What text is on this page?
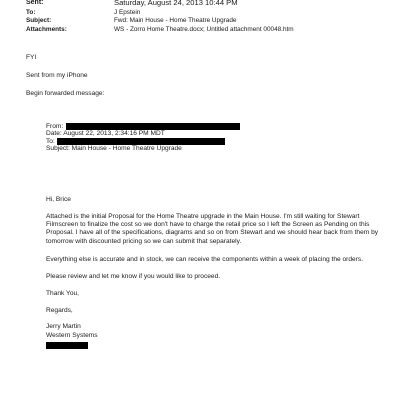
Sent:	Saturday, August 24, 2013 10:44 PM
To:	J Epstein
Subject:	Fwd: Main House - Home Theatre Upgrade
Attachments:	WS - Zorro Home Theatre.docx; Untitled attachment 00048.htm
FYI
Sent from my iPhone
Begin forwarded message:
From:
Date: August 22, 2013, 2:34:16 PM MDT
To:
Subject: Main House - Home Theatre Upgrade
Hi, Brice
Attached is the initial Proposal for the Home Theatre upgrade in the Main House. I'm still waiting for Stewart Filmscreen to finalize the cost so we don't have to charge the retail price so I left the Screen as Pending on this Proposal. I have all of the specifications, diagrams and so on from Stewart and we should hear back from them by tomorrow with discounted pricing so we can submit that separately.
Everything else is accurate and in stock, we can receive the components within a week of placing the orders.
Please review and let me know if you would like to proceed.
Thank You,
Regards,
Jerry Martin
Western Systems
